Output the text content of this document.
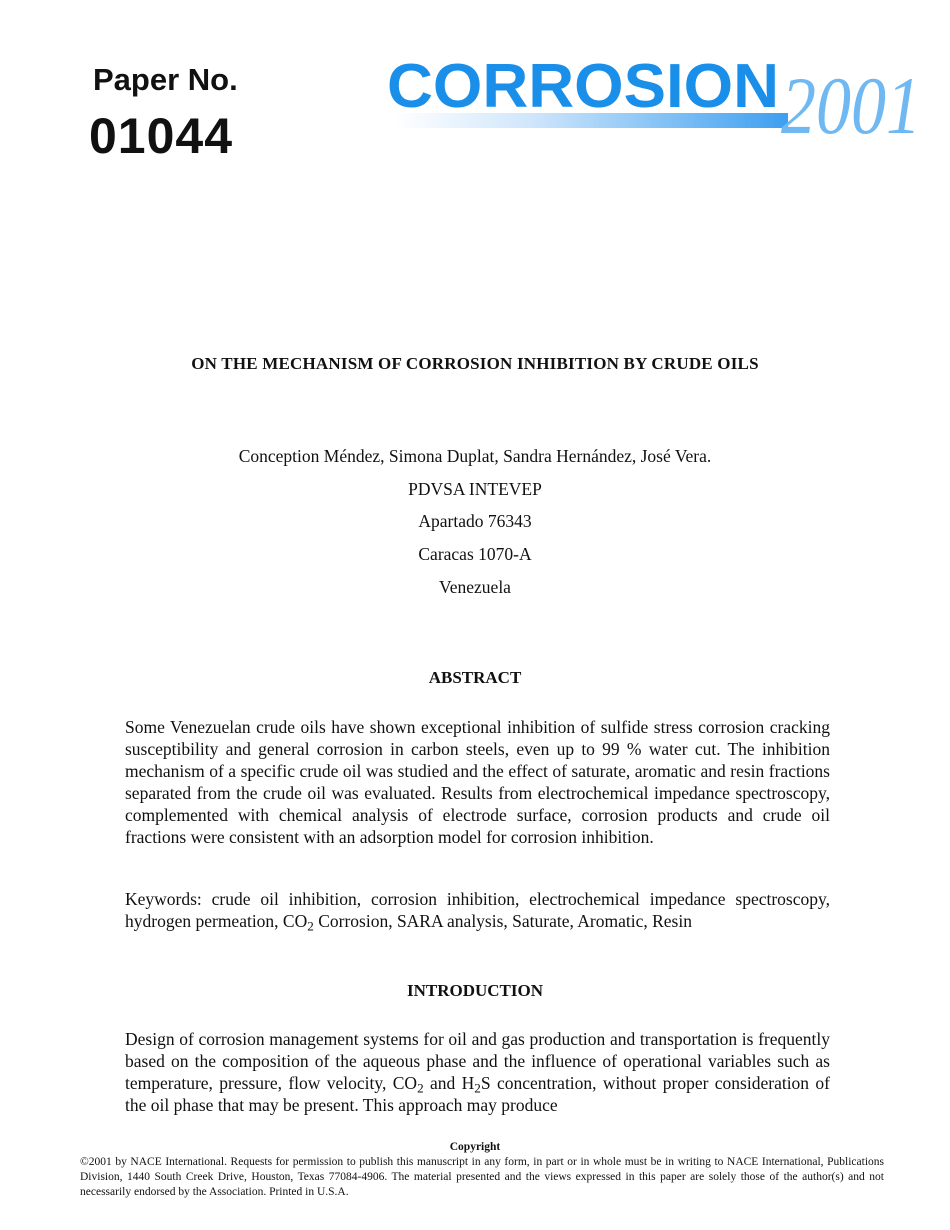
Paper No.
01044
CORROSION 2001
ON THE MECHANISM OF CORROSION INHIBITION BY CRUDE OILS
Conception Méndez, Simona Duplat, Sandra Hernández, José Vera.
PDVSA INTEVEP
Apartado 76343
Caracas 1070-A
Venezuela
ABSTRACT
Some Venezuelan crude oils have shown exceptional inhibition of sulfide stress corrosion cracking susceptibility and general corrosion in carbon steels, even up to 99 % water cut. The inhibition mechanism of a specific crude oil was studied and the effect of saturate, aromatic and resin fractions separated from the crude oil was evaluated. Results from electrochemical impedance spectroscopy, complemented with chemical analysis of electrode surface, corrosion products and crude oil fractions were consistent with an adsorption model for corrosion inhibition.
Keywords: crude oil inhibition, corrosion inhibition, electrochemical impedance spectroscopy, hydrogen permeation, $CO_2$ Corrosion, SARA analysis, Saturate, Aromatic, Resin
INTRODUCTION
Design of corrosion management systems for oil and gas production and transportation is frequently based on the composition of the aqueous phase and the influence of operational variables such as temperature, pressure, flow velocity, $CO_2$ and $H_2S$ concentration, without proper consideration of the oil phase that may be present. This approach may produce
Copyright
©2001 by NACE International. Requests for permission to publish this manuscript in any form, in part or in whole must be in writing to NACE International, Publications Division, 1440 South Creek Drive, Houston, Texas 77084-4906. The material presented and the views expressed in this paper are solely those of the author(s) and not necessarily endorsed by the Association. Printed in U.S.A.
